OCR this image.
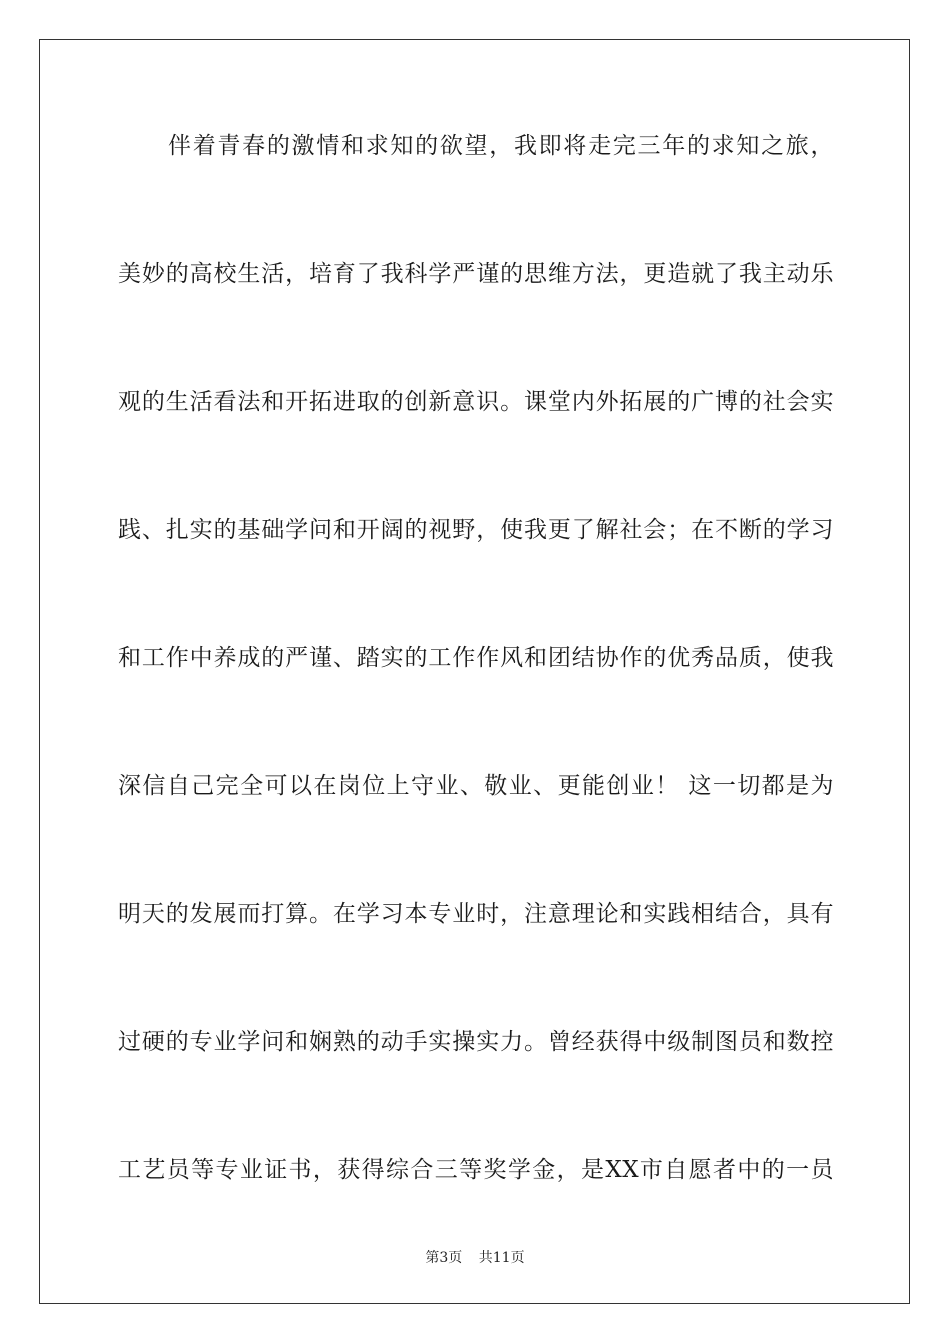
伴着青春的激情和求知的欲望，我即将走完三年的求知之旅，
美妙的高校生活，培育了我科学严谨的思维方法，更造就了我主动乐
观的生活看法和开拓进取的创新意识。课堂内外拓展的广博的社会实
践、扎实的基础学问和开阔的视野，使我更了解社会；在不断的学习
和工作中养成的严谨、踏实的工作作风和团结协作的优秀品质，使我
深信自己完全可以在岗位上守业、敬业、更能创业！ 这一切都是为
明天的发展而打算。在学习本专业时，注意理论和实践相结合，具有
过硬的专业学问和娴熟的动手实操实力。曾经获得中级制图员和数控
工艺员等专业证书，获得综合三等奖学金，是XX市自愿者中的一员
第3页 共11页
